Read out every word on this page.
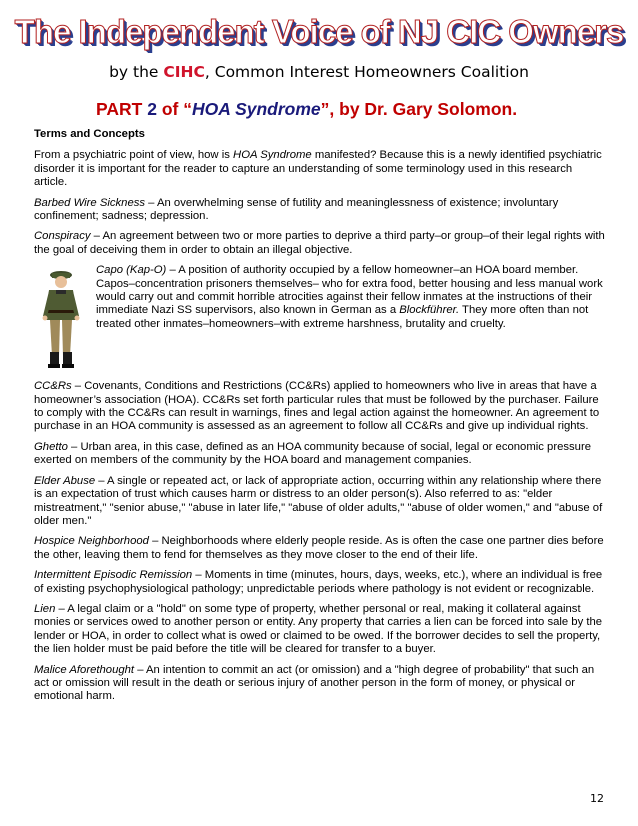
The Independent Voice of NJ CIC Owners
by the CIHC, Common Interest Homeowners Coalition
PART 2 of “HOA Syndrome”, by Dr. Gary Solomon.

Terms and Concepts

From a psychiatric point of view, how is HOA Syndrome manifested? Because this is a newly identified psychiatric disorder it is important for the reader to capture an understanding of some terminology used in this research article.

Barbed Wire Sickness – An overwhelming sense of futility and meaninglessness of existence; involuntary confinement; sadness; depression.

Conspiracy – An agreement between two or more parties to deprive a third party–or group–of their legal rights with the goal of deceiving them in order to obtain an illegal objective.

Capo (Kap-O) – A position of authority occupied by a fellow homeowner–an HOA board member. Capos–concentration prisoners themselves– who for extra food, better housing and less manual work would carry out and commit horrible atrocities against their fellow inmates at the instructions of their immediate Nazi SS supervisors, also known in German as a Blockführer. They more often than not treated other inmates–homeowners–with extreme harshness, brutality and cruelty.

CC&Rs – Covenants, Conditions and Restrictions (CC&Rs) applied to homeowners who live in areas that have a homeowner’s association (HOA). CC&Rs set forth particular rules that must be followed by the purchaser. Failure to comply with the CC&Rs can result in warnings, fines and legal action against the homeowner. An agreement to purchase in an HOA community is assessed as an agreement to follow all CC&Rs and give up individual rights.

Ghetto – Urban area, in this case, defined as an HOA community because of social, legal or economic pressure exerted on members of the community by the HOA board and management companies.

Elder Abuse – A single or repeated act, or lack of appropriate action, occurring within any relationship where there is an expectation of trust which causes harm or distress to an older person(s). Also referred to as: "elder mistreatment," "senior abuse," "abuse in later life," "abuse of older adults," "abuse of older women," and "abuse of older men."

Hospice Neighborhood – Neighborhoods where elderly people reside. As is often the case one partner dies before the other, leaving them to fend for themselves as they move closer to the end of their life.

Intermittent Episodic Remission – Moments in time (minutes, hours, days, weeks, etc.), where an individual is free of existing psychophysiological pathology; unpredictable periods where pathology is not evident or recognizable.

Lien – A legal claim or a "hold" on some type of property, whether personal or real, making it collateral against monies or services owed to another person or entity. Any property that carries a lien can be forced into sale by the lender or HOA, in order to collect what is owed or claimed to be owed. If the borrower decides to sell the property, the lien holder must be paid before the title will be cleared for transfer to a buyer.

Malice Aforethought – An intention to commit an act (or omission) and a "high degree of probability" that such an act or omission will result in the death or serious injury of another person in the form of money, or physical or emotional harm.

12
